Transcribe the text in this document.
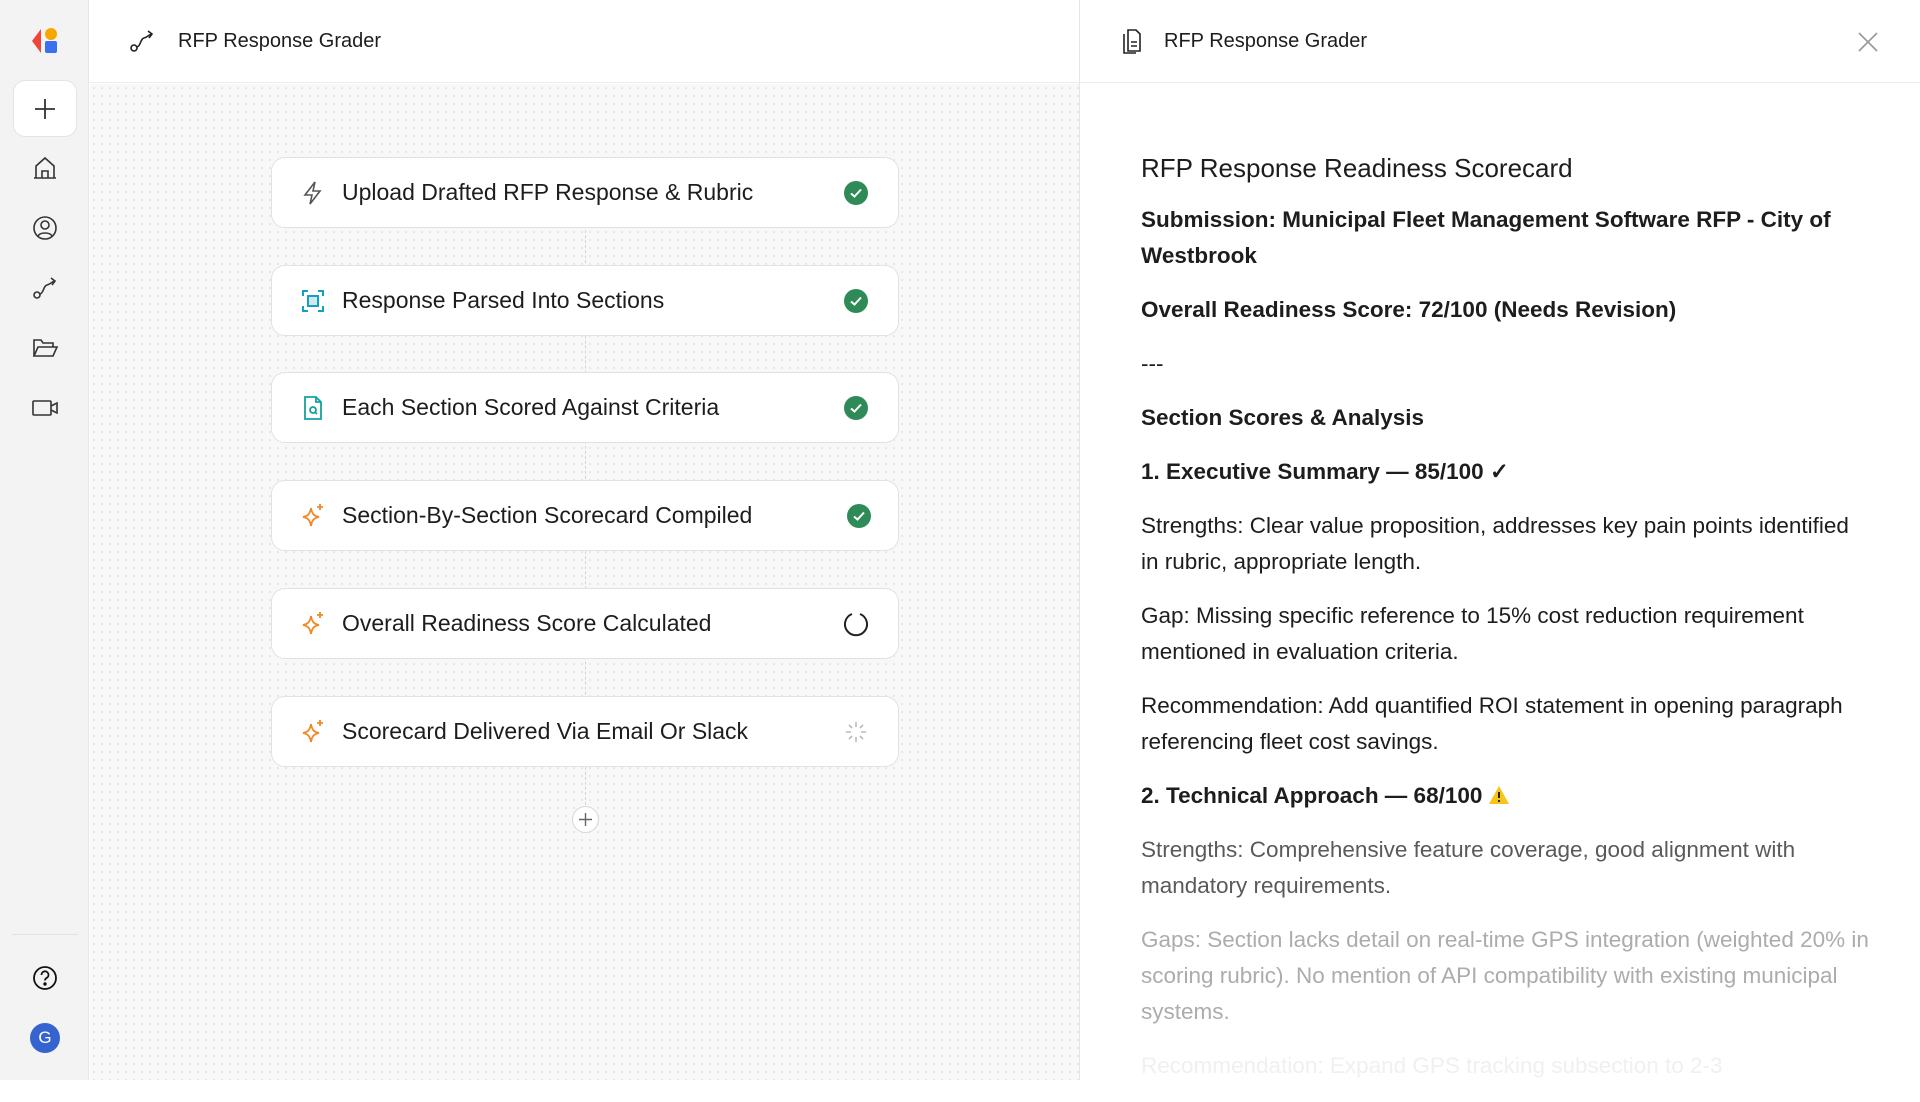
G
RFP Response Grader
Upload Drafted RFP Response & Rubric
Response Parsed Into Sections
Each Section Scored Against Criteria
Section-By-Section Scorecard Compiled
Overall Readiness Score Calculated
Scorecard Delivered Via Email Or Slack
RFP Response Grader
RFP Response Readiness Scorecard

Submission: Municipal Fleet Management Software RFP - City of Westbrook

Overall Readiness Score: 72/100 (Needs Revision)

---

Section Scores & Analysis

1. Executive Summary — 85/100 ✓

Strengths: Clear value proposition, addresses key pain points identified in rubric, appropriate length.

Gap: Missing specific reference to 15% cost reduction requirement mentioned in evaluation criteria.

Recommendation: Add quantified ROI statement in opening paragraph referencing fleet cost savings.

2. Technical Approach — 68/100

Strengths: Comprehensive feature coverage, good alignment with mandatory requirements.

Gaps: Section lacks detail on real-time GPS integration (weighted 20% in scoring rubric). No mention of API compatibility with existing municipal systems.

Recommendation: Expand GPS tracking subsection to 2-3
